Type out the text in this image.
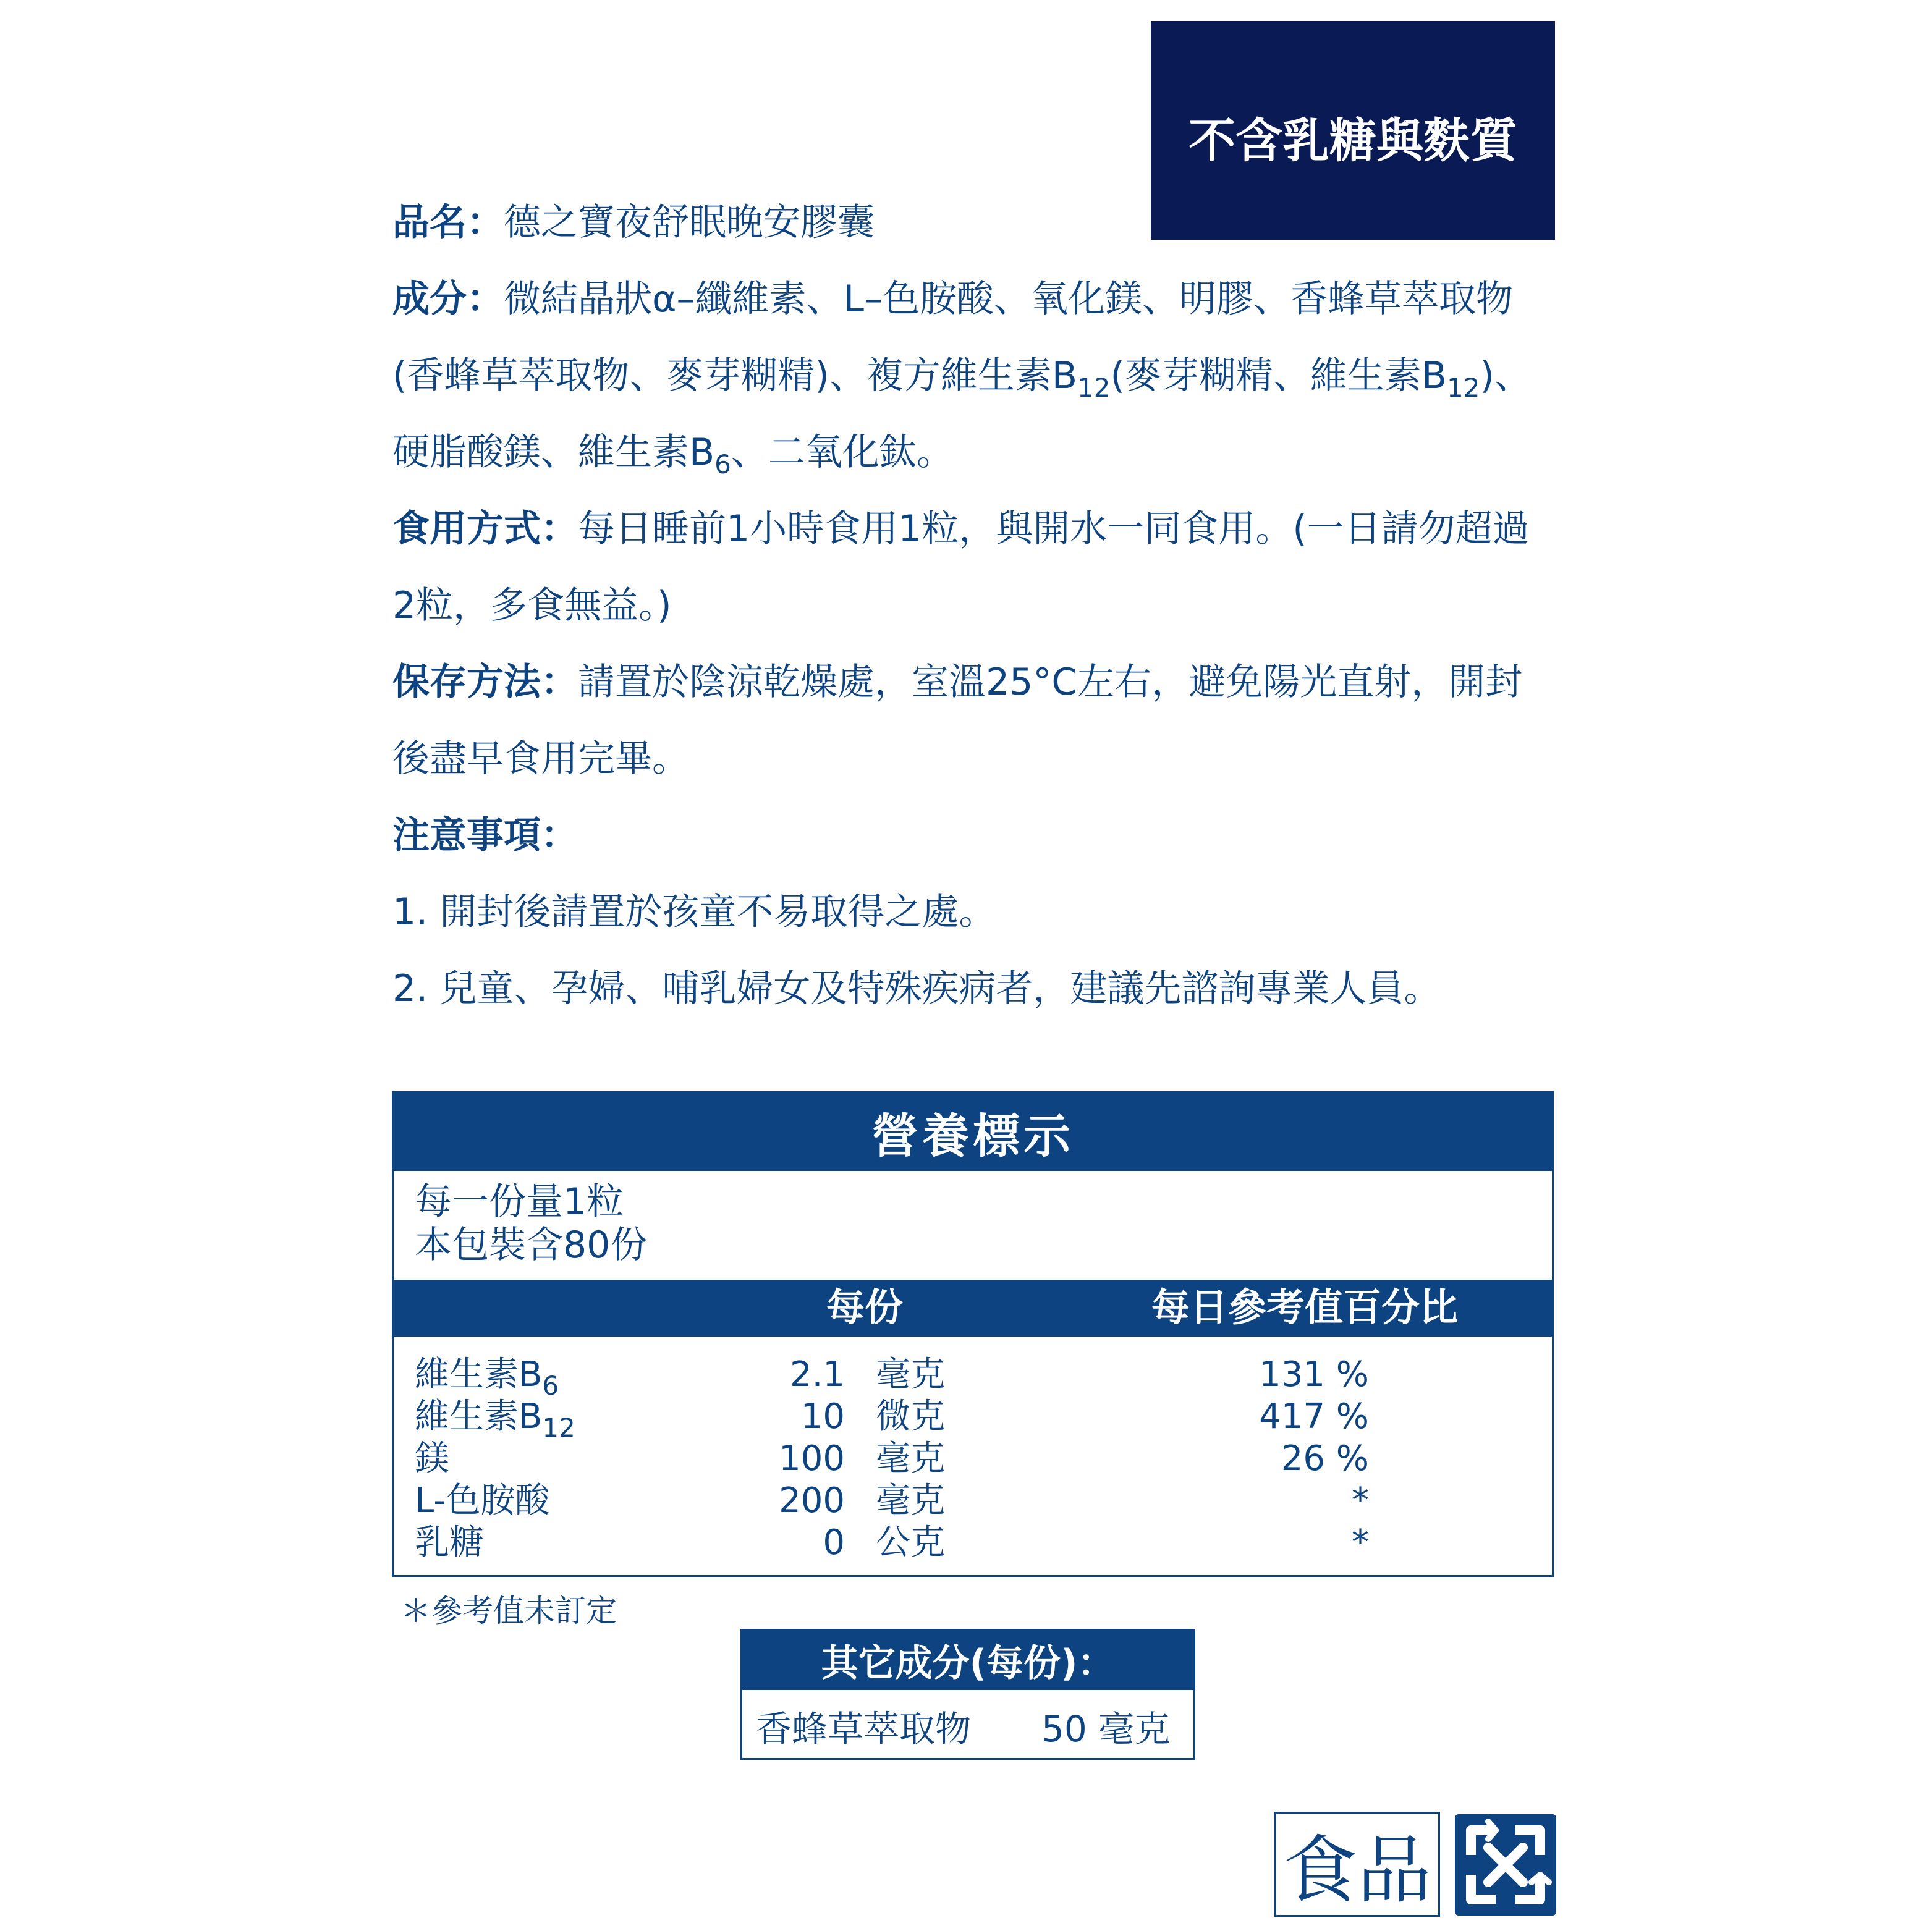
不含乳糖與麩質
品名：德之寶夜舒眠晚安膠囊
成分：微結晶狀α–纖維素、L–色胺酸、氧化鎂、明膠、香蜂草萃取物
(香蜂草萃取物、麥芽糊精)、複方維生素$B_{12}$(麥芽糊精、維生素$B_{12}$)、
硬脂酸鎂、維生素$B_6$、二氧化鈦。
食用方式：每日睡前1小時食用1粒，與開水一同食用。(一日請勿超過
2粒，多食無益。)
保存方法：請置於陰涼乾燥處，室溫25°C左右，避免陽光直射，開封
後盡早食用完畢。
注意事項：
1. 開封後請置於孩童不易取得之處。
2. 兒童、孕婦、哺乳婦女及特殊疾病者，建議先諮詢專業人員。
營養標示
每一份量1粒
本包裝含80份
每份	每日參考值百分比
維生素$B_6$	2.1 毫克	131 %
維生素$B_{12}$	10 微克	417 %
鎂	100 毫克	26 %
L-色胺酸	200 毫克	*
乳糖	0 公克	*
＊參考值未訂定
其它成分(每份)：
香蜂草萃取物 50 毫克
食品
